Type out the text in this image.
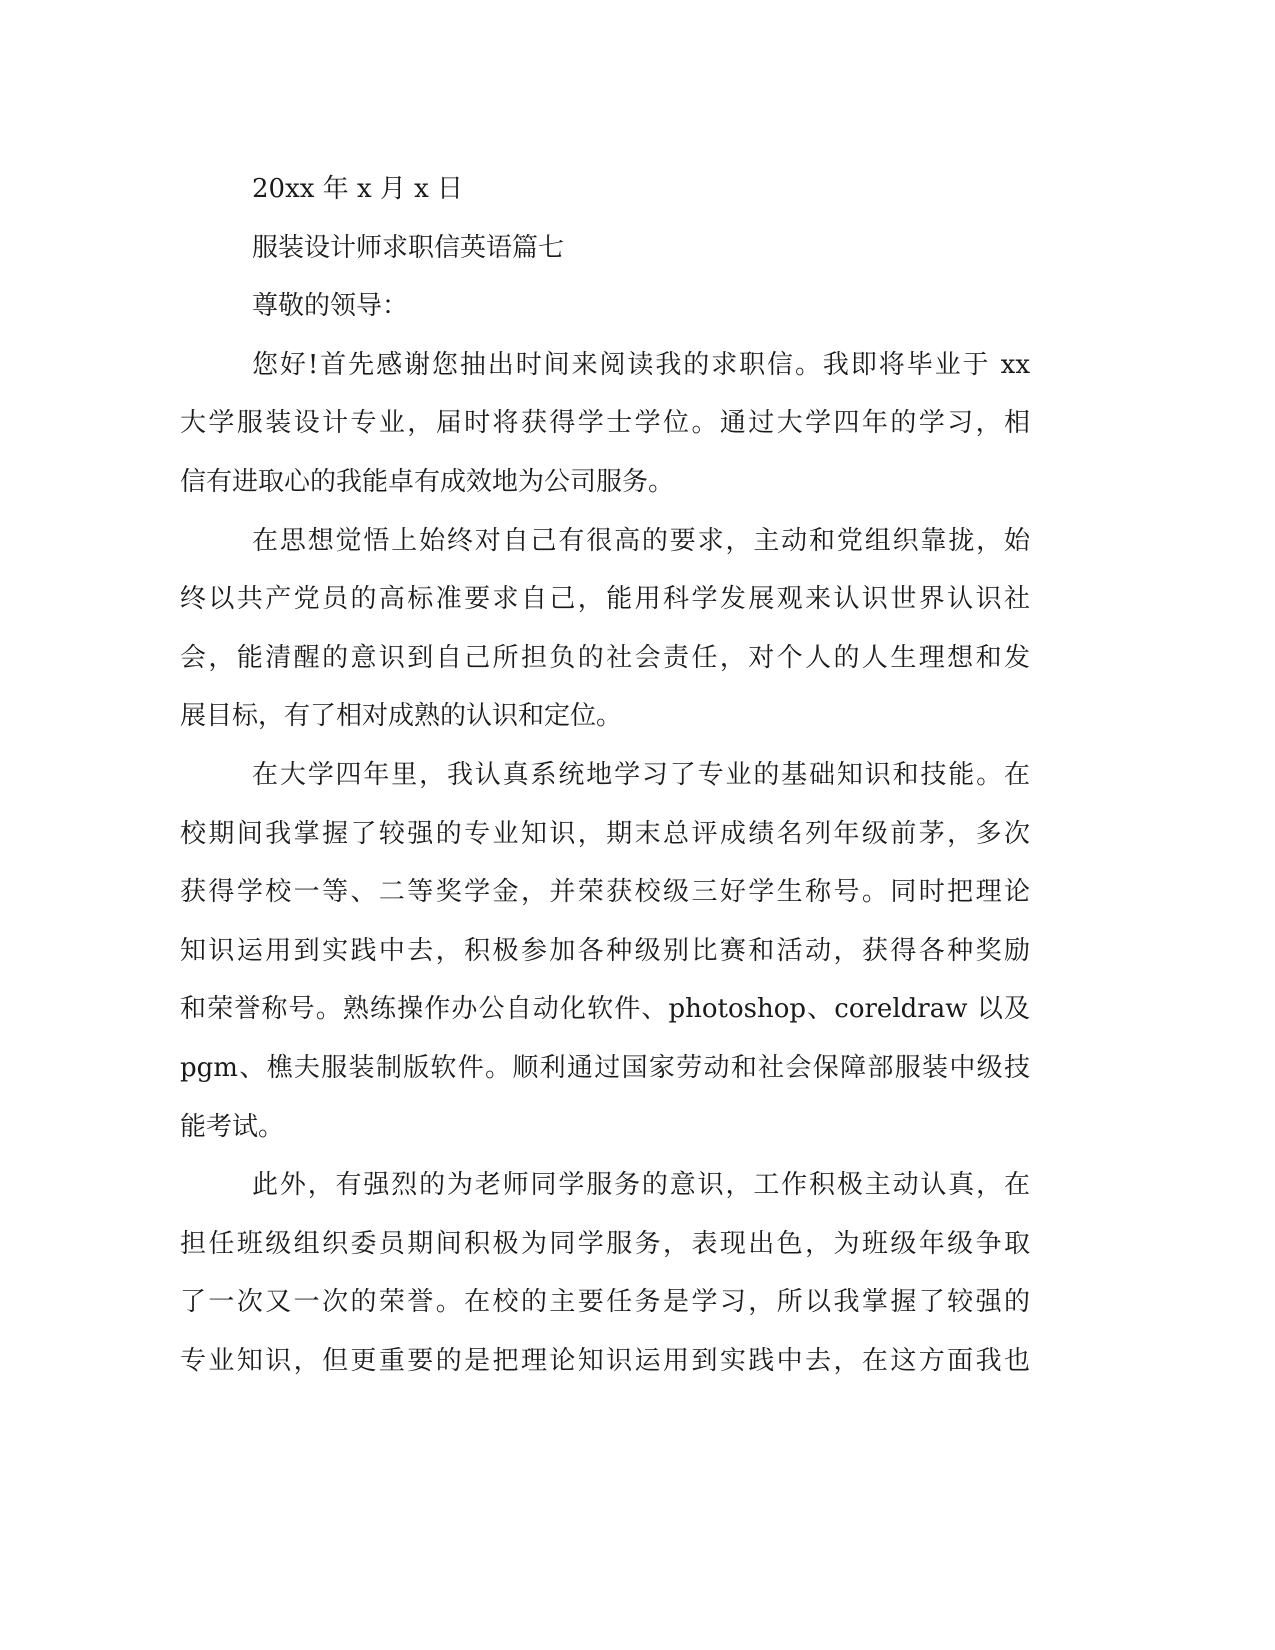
20xx 年 x 月 x 日
服装设计师求职信英语篇七
尊敬的领导：
您好!首先感谢您抽出时间来阅读我的求职信。我即将毕业于 xx
大学服装设计专业，届时将获得学士学位。通过大学四年的学习，相
信有进取心的我能卓有成效地为公司服务。
在思想觉悟上始终对自己有很高的要求，主动和党组织靠拢，始
终以共产党员的高标准要求自己，能用科学发展观来认识世界认识社
会，能清醒的意识到自己所担负的社会责任，对个人的人生理想和发
展目标，有了相对成熟的认识和定位。
在大学四年里，我认真系统地学习了专业的基础知识和技能。在
校期间我掌握了较强的专业知识，期末总评成绩名列年级前茅，多次
获得学校一等、二等奖学金，并荣获校级三好学生称号。同时把理论
知识运用到实践中去，积极参加各种级别比赛和活动，获得各种奖励
和荣誉称号。熟练操作办公自动化软件、photoshop、coreldraw 以及
pgm、樵夫服装制版软件。顺利通过国家劳动和社会保障部服装中级技
能考试。
此外，有强烈的为老师同学服务的意识，工作积极主动认真，在
担任班级组织委员期间积极为同学服务，表现出色，为班级年级争取
了一次又一次的荣誉。在校的主要任务是学习，所以我掌握了较强的
专业知识，但更重要的是把理论知识运用到实践中去，在这方面我也
